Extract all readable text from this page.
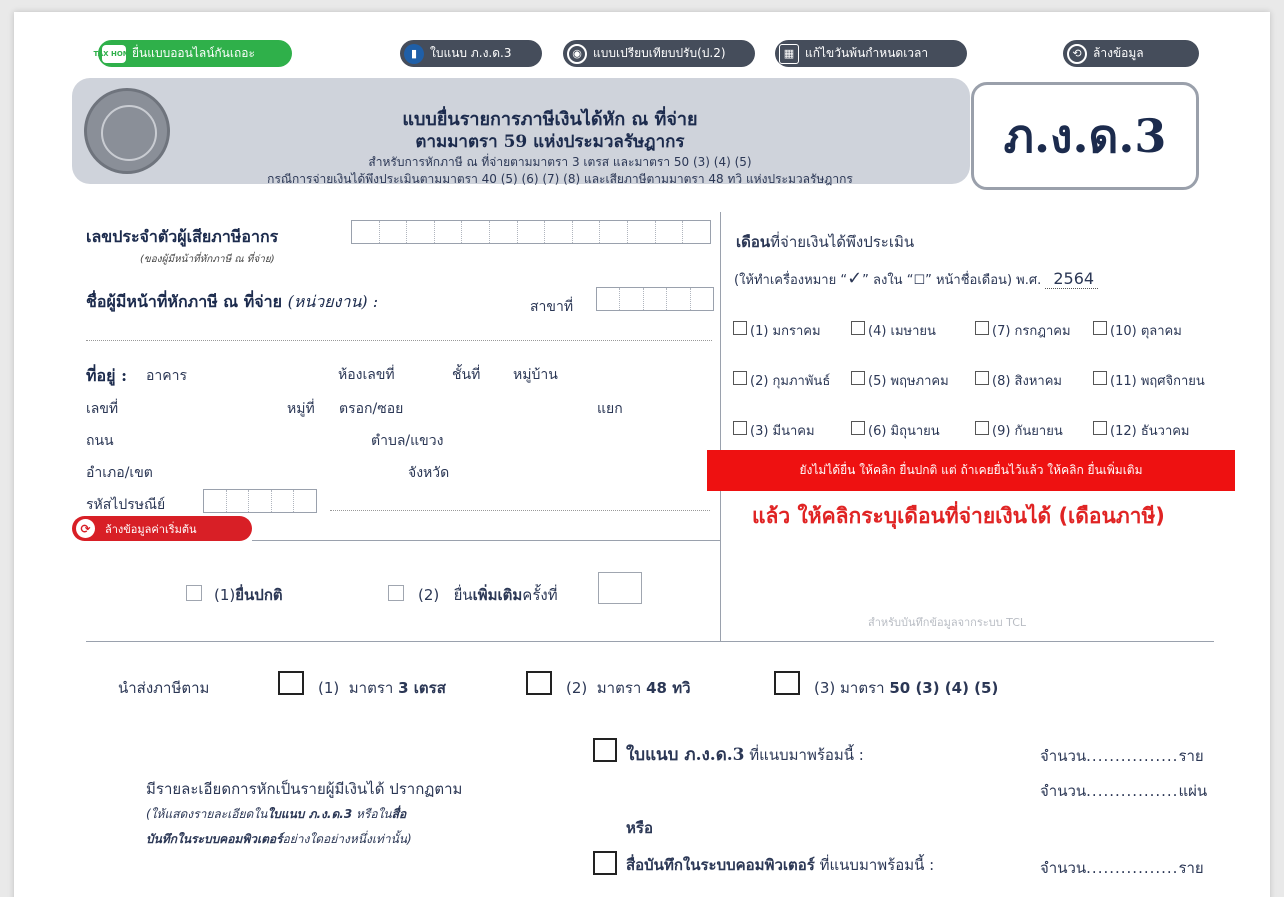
TAX HOME
ยื่นแบบออนไลน์กันเถอะ	▮	ใบแนบ ภ.ง.ด.3	◉ แบบเปรียบเทียบปรับ(ป.2)	▦ แก้ไขวันพ้นกำหนดเวลา	⟲ ล้างข้อมูล
แบบยื่นรายการภาษีเงินได้หัก ณ ที่จ่าย
ตามมาตรา 59 แห่งประมวลรัษฎากร
สำหรับการหักภาษี ณ ที่จ่ายตามมาตรา 3 เตรส และมาตรา 50 (3) (4) (5)
กรณีการจ่ายเงินได้พึงประเมินตามมาตรา 40 (5) (6) (7) (8) และเสียภาษีตามมาตรา 48 ทวิ แห่งประมวลรัษฎากร
ภ.ง.ด.3
เลขประจำตัวผู้เสียภาษีอากร
(ของผู้มีหน้าที่หักภาษี ณ ที่จ่าย)
ชื่อผู้มีหน้าที่หักภาษี ณ ที่จ่าย (หน่วยงาน) :	สาขาที่
ที่อยู่ : อาคาร	ห้องเลขที่	ชั้นที่ หมู่บ้าน
เลขที่	หมู่ที่ ตรอก/ซอย	แยก
ถนน	ตำบล/แขวง
อำเภอ/เขต	จังหวัด
รหัสไปรษณีย์
⟳	ล้างข้อมูลค่าเริ่มต้น
(1)ยื่นปกติ	(2) ยื่นเพิ่มเติมครั้งที่
เดือนที่จ่ายเงินได้พึงประเมิน
(ให้ทำเครื่องหมาย “✓” ลงใน “☐” หน้าชื่อเดือน) พ.ศ. 2564
(1) มกราคม	(4) เมษายน	(7) กรกฎาคม	(10) ตุลาคม
(2) กุมภาพันธ์	(5) พฤษภาคม	(8) สิงหาคม	(11) พฤศจิกายน
(3) มีนาคม	(6) มิถุนายน	(9) กันยายน	(12) ธันวาคม
ยังไม่ได้ยื่น ให้คลิก ยื่นปกติ แต่ ถ้าเคยยื่นไว้แล้ว ให้คลิก ยื่นเพิ่มเติม
แล้ว ให้คลิกระบุเดือนที่จ่ายเงินได้ (เดือนภาษี)
สำหรับบันทึกข้อมูลจากระบบ TCL
นำส่งภาษีตาม	(1) มาตรา 3 เตรส	(2) มาตรา 48 ทวิ	(3) มาตรา 50 (3) (4) (5)
ใบแนบ ภ.ง.ด.3 ที่แนบมาพร้อมนี้ :	จำนวน................ราย
จำนวน................แผ่น
มีรายละเอียดการหักเป็นรายผู้มีเงินได้ ปรากฏตาม
(ให้แสดงรายละเอียดในใบแนบ ภ.ง.ด.3 หรือในสื่อ
บันทึกในระบบคอมพิวเตอร์อย่างใดอย่างหนึ่งเท่านั้น)
หรือ
สื่อบันทึกในระบบคอมพิวเตอร์ ที่แนบมาพร้อมนี้ :	จำนวน................ราย
